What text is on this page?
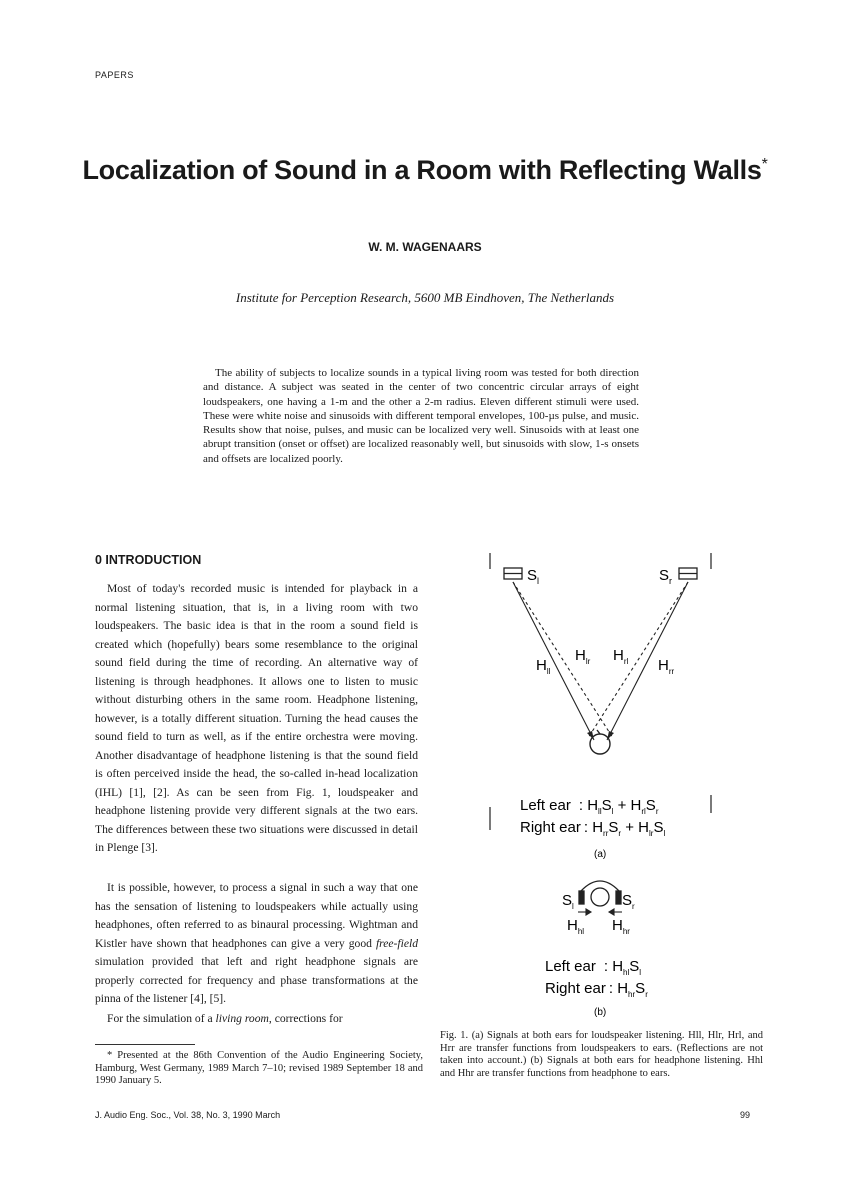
PAPERS
Localization of Sound in a Room with Reflecting Walls*
W. M. WAGENAARS
Institute for Perception Research, 5600 MB Eindhoven, The Netherlands
The ability of subjects to localize sounds in a typical living room was tested for both direction and distance. A subject was seated in the center of two concentric circular arrays of eight loudspeakers, one having a 1-m and the other a 2-m radius. Eleven different stimuli were used. These were white noise and sinusoids with different temporal envelopes, 100-µs pulse, and music. Results show that noise, pulses, and music can be localized very well. Sinusoids with at least one abrupt transition (onset or offset) are localized reasonably well, but sinusoids with slow, 1-s onsets and offsets are localized poorly.
0 INTRODUCTION

Most of today's recorded music is intended for playback in a normal listening situation, that is, in a living room with two loudspeakers. The basic idea is that in the room a sound field is created which (hopefully) bears some resemblance to the original sound field during the time of recording. An alternative way of listening is through headphones. It allows one to listen to music without disturbing others in the same room. Headphone listening, however, is a totally different situation. Turning the head causes the sound field to turn as well, as if the entire orchestra were moving. Another disadvantage of headphone listening is that the sound field is often perceived inside the head, the so-called in-head localization (IHL) [1], [2]. As can be seen from Fig. 1, loudspeaker and headphone listening provide very different signals at the two ears. The differences between these two situations were discussed in detail in Plenge [3].

It is possible, however, to process a signal in such a way that one has the sensation of listening to loudspeakers while actually using headphones, often referred to as binaural processing. Wightman and Kistler have shown that headphones can give a very good free-field simulation provided that left and right headphone signals are properly corrected for frequency and phase transformations at the pinna of the listener [4], [5].

For the simulation of a living room, corrections for

* Presented at the 86th Convention of the Audio Engineering Society, Hamburg, West Germany, 1989 March 7–10; revised 1989 September 18 and 1990 January 5.
$S_l$	$S_r$
$H_{ll}$
$H_{lr}$ $H_{rl}$ $H_{rr}$
Left ear : $H_{ll}S_l + H_{rl}S_r$
Right ear : $H_{rr}S_r + H_{lr}S_l$
(a)
$S_l$	$S_r$
$H_{hl}$ $H_{hr}$
Left ear : $H_{hl}S_l$
Right ear : $H_{hr}S_r$
(b)
Fig. 1. (a) Signals at both ears for loudspeaker listening. Hll, Hlr, Hrl, and Hrr are transfer functions from loudspeakers to ears. (Reflections are not taken into account.) (b) Signals at both ears for headphone listening. Hhl and Hhr are transfer functions from headphone to ears.
J. Audio Eng. Soc., Vol. 38, No. 3, 1990 March	99
